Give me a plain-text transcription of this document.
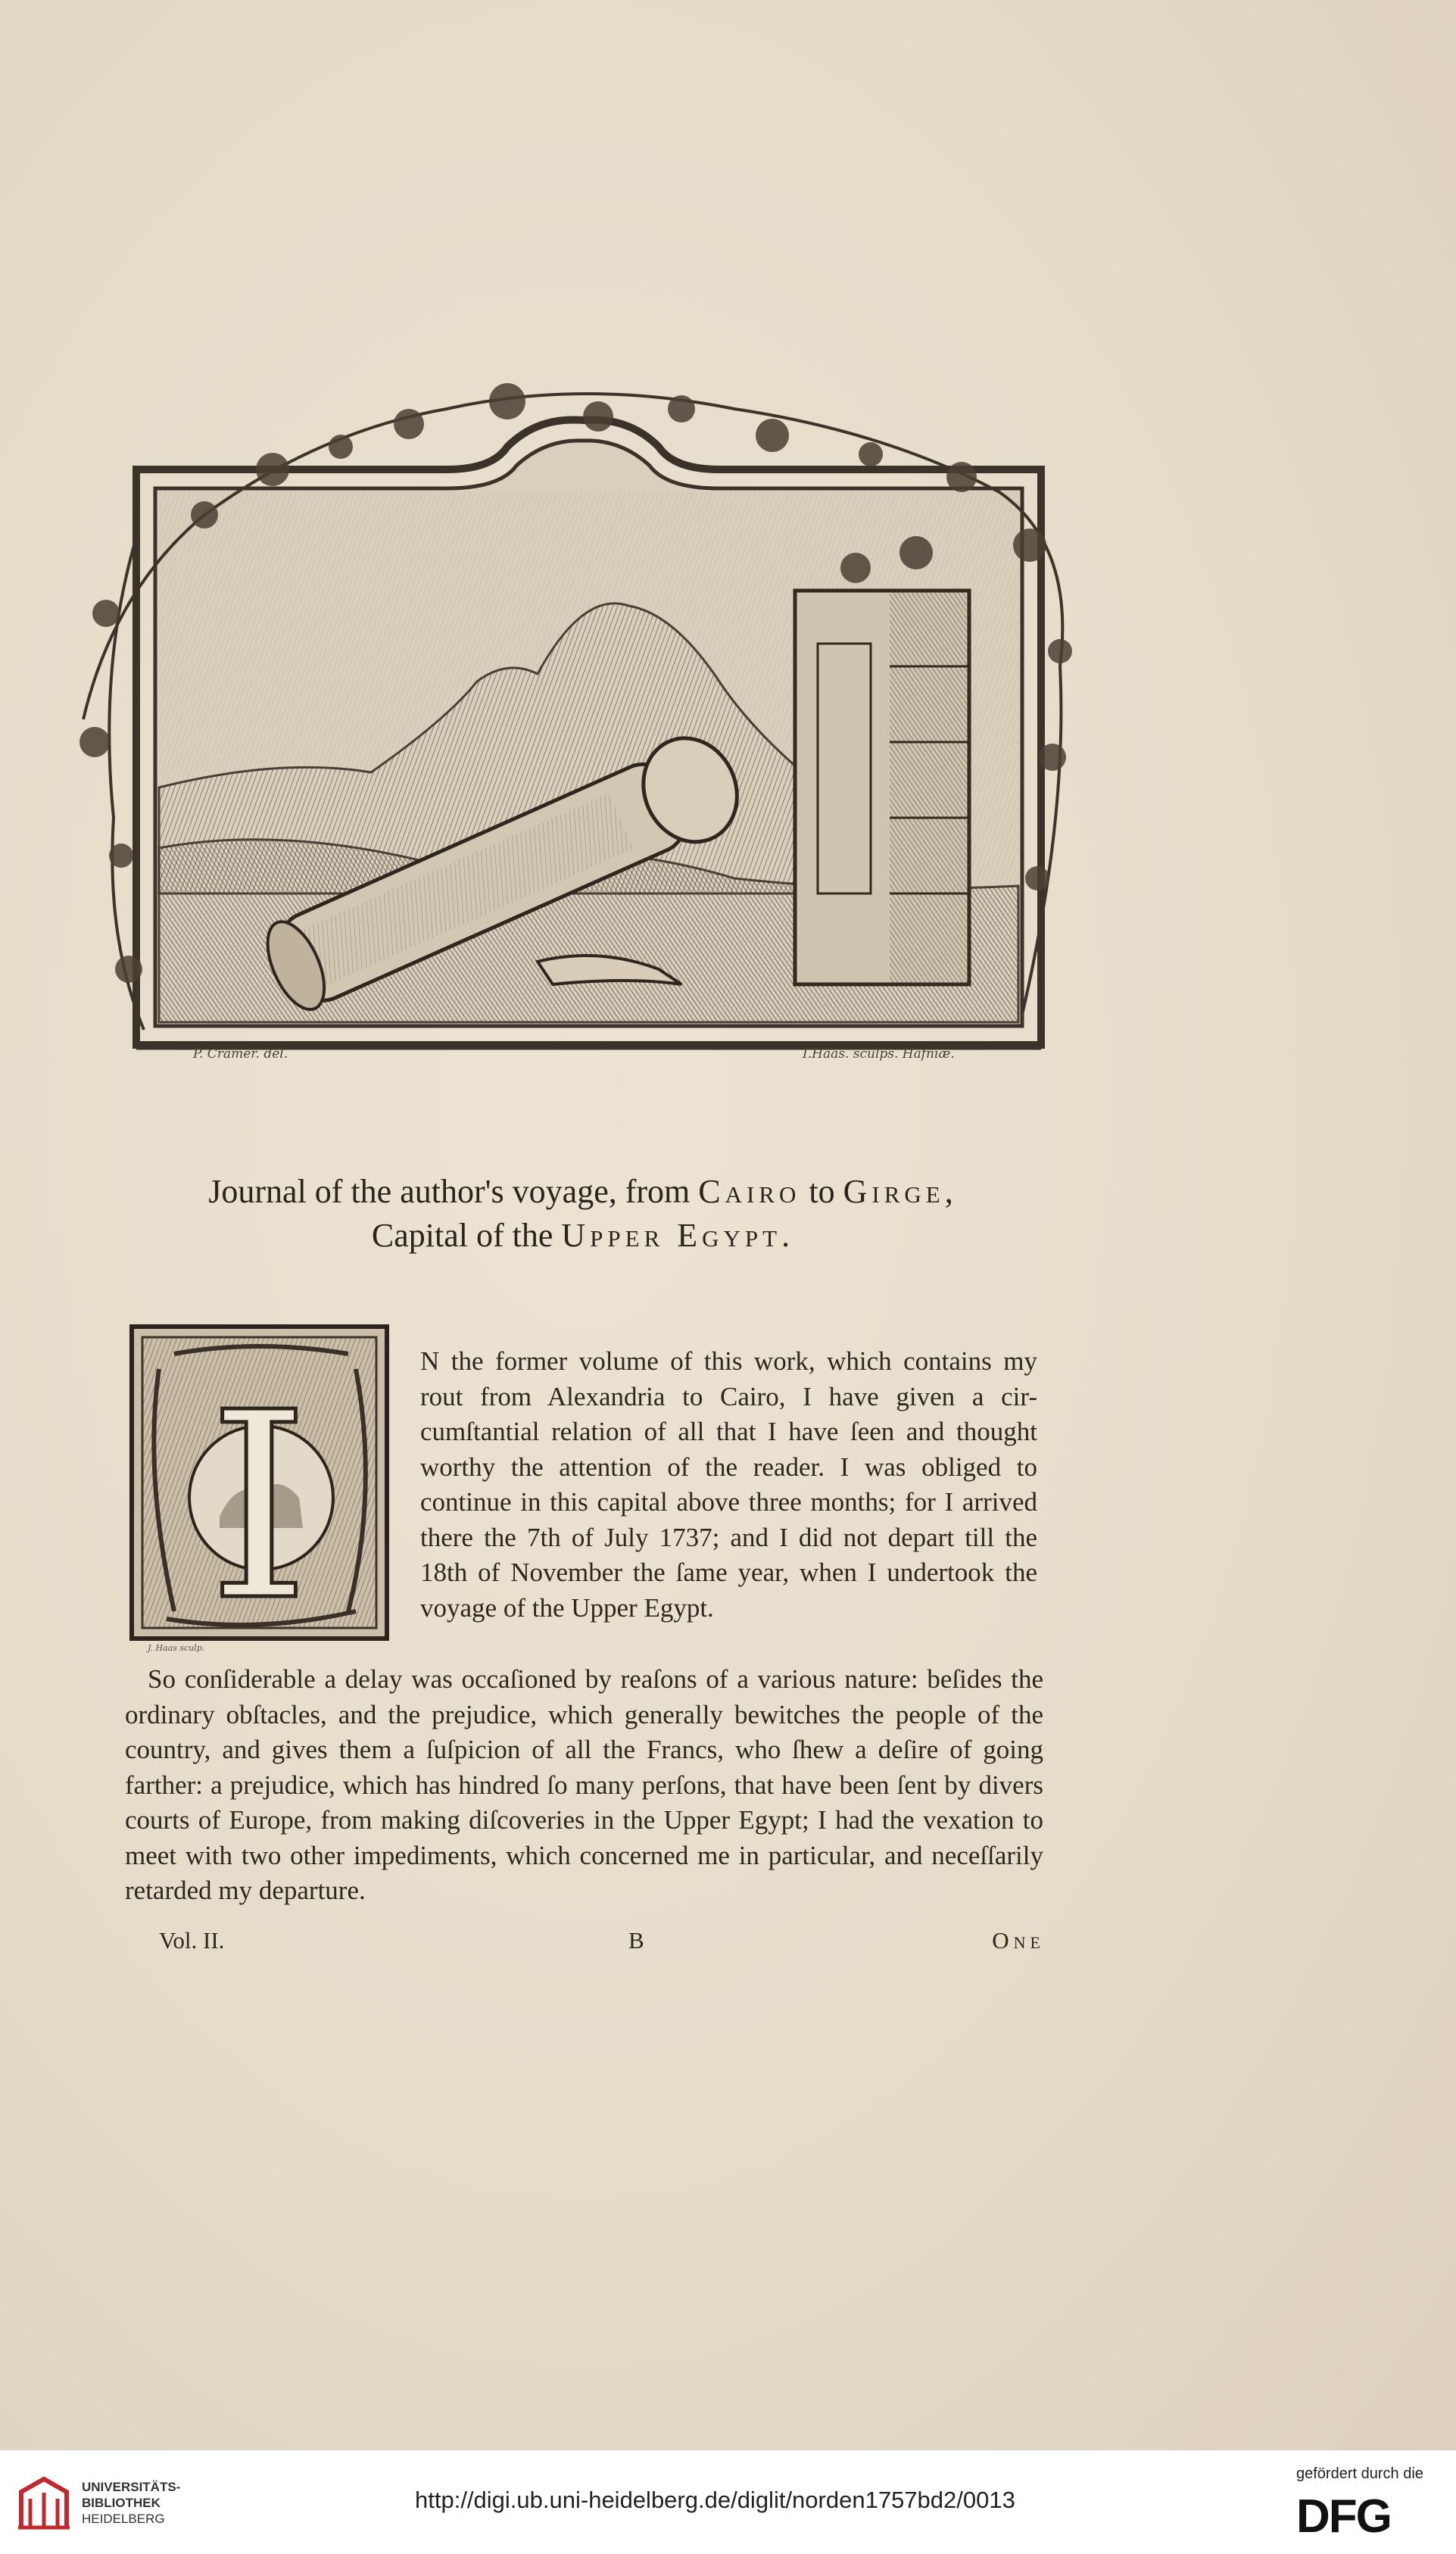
P. Cramer. del.	I.Haas. sculps. Hafniæ.
Journal of the author's voyage, from Cairo to Girge,
Capital of the Upper Egypt.
I
J. Haas sculp.

N the former volume of this work, which contains my rout from Alexandria to Cairo, I have given a cir-cumſtantial relation of all that I have ſeen and thought worthy the attention of the reader. I was obliged to continue in this capital above three months; for I arrived there the 7th of July 1737; and I did not depart till the 18th of November the ſame year, when I undertook the voyage of the Upper Egypt.

So conſiderable a delay was occaſioned by reaſons of a various nature: beſides the ordinary obſtacles, and the prejudice, which generally bewitches the people of the country, and gives them a ſuſpicion of all the Francs, who ſhew a deſire of going farther: a prejudice, which has hindred ſo many perſons, that have been ſent by divers courts of Europe, from making diſcoveries in the Upper Egypt; I had the vexation to meet with two other impediments, which concerned me in particular, and neceſſarily retarded my departure.

Vol. II.	B	One
UNIVERSITÄTS-
BIBLIOTHEK
HEIDELBERG
http://digi.ub.uni-heidelberg.de/diglit/norden1757bd2/0013
gefördert durch die
DFG
